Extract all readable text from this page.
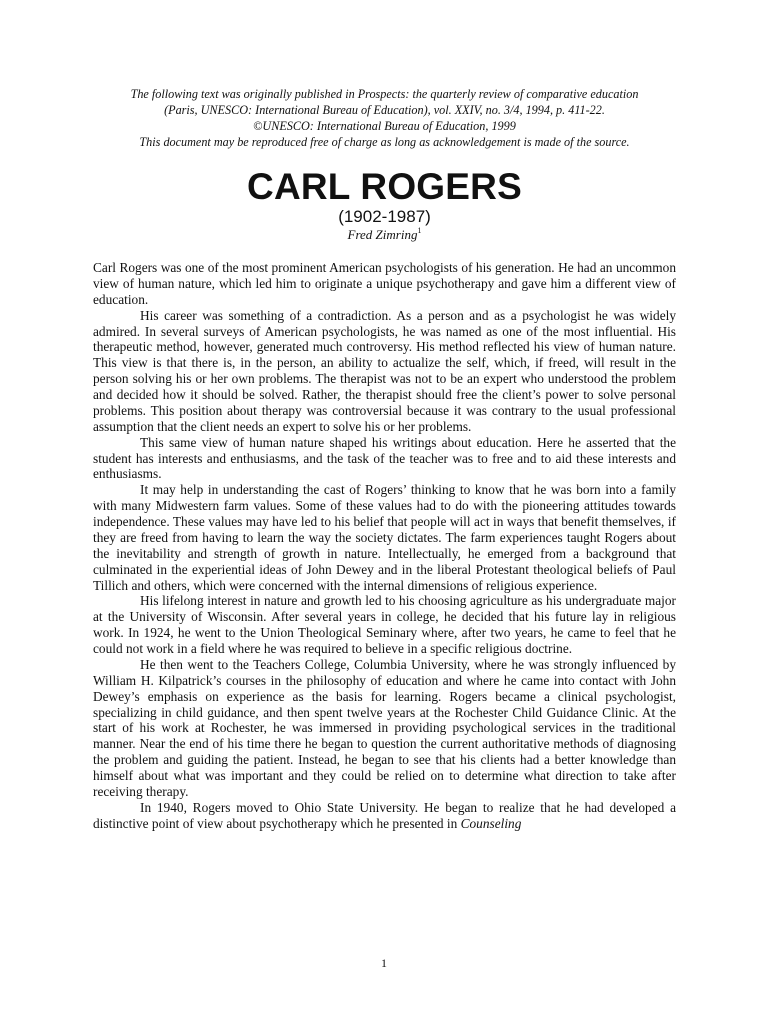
The following text was originally published in Prospects: the quarterly review of comparative education
(Paris, UNESCO: International Bureau of Education), vol. XXIV, no. 3/4, 1994, p. 411-22.
©UNESCO: International Bureau of Education, 1999
This document may be reproduced free of charge as long as acknowledgement is made of the source.
CARL ROGERS
(1902-1987)
Fred Zimring$^1$

Carl Rogers was one of the most prominent American psychologists of his generation. He had an uncommon view of human nature, which led him to originate a unique psychotherapy and gave him a different view of education.

His career was something of a contradiction. As a person and as a psychologist he was widely admired. In several surveys of American psychologists, he was named as one of the most influential. His therapeutic method, however, generated much controversy. His method reflected his view of human nature. This view is that there is, in the person, an ability to actualize the self, which, if freed, will result in the person solving his or her own problems. The therapist was not to be an expert who understood the problem and decided how it should be solved. Rather, the therapist should free the client’s power to solve personal problems. This position about therapy was controversial because it was contrary to the usual professional assumption that the client needs an expert to solve his or her problems.

This same view of human nature shaped his writings about education. Here he asserted that the student has interests and enthusiasms, and the task of the teacher was to free and to aid these interests and enthusiasms.

It may help in understanding the cast of Rogers’ thinking to know that he was born into a family with many Midwestern farm values. Some of these values had to do with the pioneering attitudes towards independence. These values may have led to his belief that people will act in ways that benefit themselves, if they are freed from having to learn the way the society dictates. The farm experiences taught Rogers about the inevitability and strength of growth in nature. Intellectually, he emerged from a background that culminated in the experiential ideas of John Dewey and in the liberal Protestant theological beliefs of Paul Tillich and others, which were concerned with the internal dimensions of religious experience.

His lifelong interest in nature and growth led to his choosing agriculture as his undergraduate major at the University of Wisconsin. After several years in college, he decided that his future lay in religious work. In 1924, he went to the Union Theological Seminary where, after two years, he came to feel that he could not work in a field where he was required to believe in a specific religious doctrine.

He then went to the Teachers College, Columbia University, where he was strongly influenced by William H. Kilpatrick’s courses in the philosophy of education and where he came into contact with John Dewey’s emphasis on experience as the basis for learning. Rogers became a clinical psychologist, specializing in child guidance, and then spent twelve years at the Rochester Child Guidance Clinic. At the start of his work at Rochester, he was immersed in providing psychological services in the traditional manner. Near the end of his time there he began to question the current authoritative methods of diagnosing the problem and guiding the patient. Instead, he began to see that his clients had a better knowledge than himself about what was important and they could be relied on to determine what direction to take after receiving therapy.

In 1940, Rogers moved to Ohio State University. He began to realize that he had developed a distinctive point of view about psychotherapy which he presented in Counseling

1
